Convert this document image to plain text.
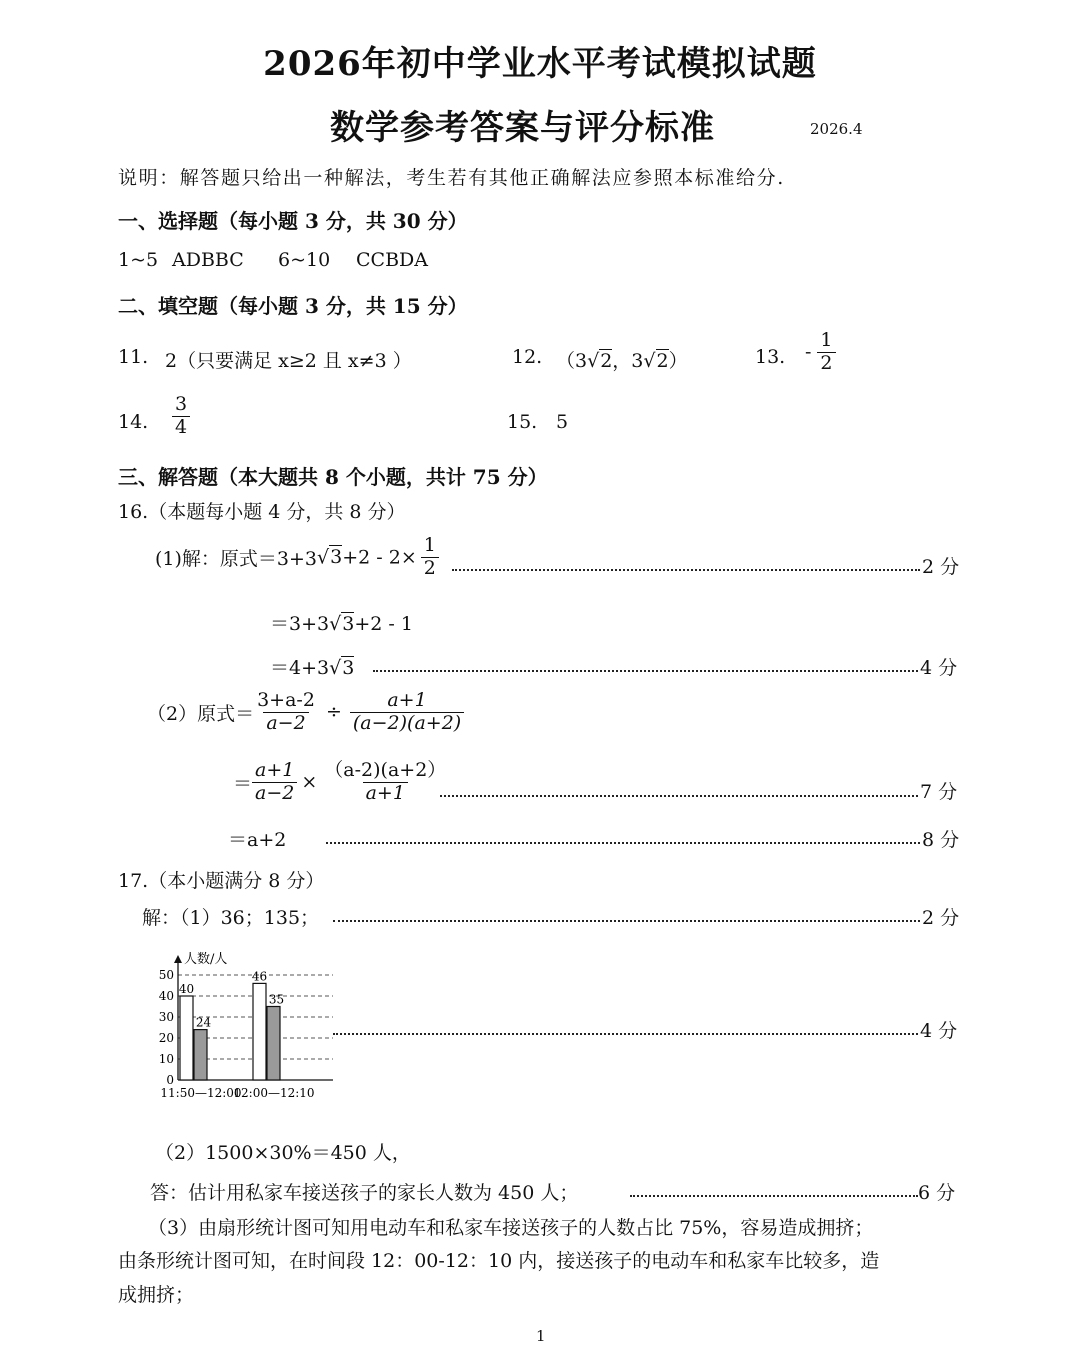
2026年初中学业水平考试模拟试题
数学参考答案与评分标准	2026.4
说明：解答题只给出一种解法，考生若有其他正确解法应参照本标准给分.
一、选择题（每小题 3 分，共 30 分）
1~5 ADBBC 6~10 CCBDA
二、填空题（每小题 3 分，共 15 分）
11. 2（只要满足 x≥2 且 x≠3 ）	12. （3√2，3√2）	13. - $\frac{1}{2}$
14. $\frac{3}{4}$	15. 5
三、解答题（本大题共 8 个小题，共计 75 分）
16.（本题每小题 4 分，共 8 分）
(1)解：原式$=3+3√3+2 - 2\times \frac{1}{2}$	2 分
＝3+3√3+2 - 1
＝4+3√3	4 分
（2）原式＝ $\frac{3+a-2}{a-2} \div \frac{a+1}{(a-2)(a+2)}$
＝ $\frac{a+1}{a-2} \times \frac{(a-2)(a+2)}{a+1}$	7 分
＝a+2	8 分
17.（本小题满分 8 分）
解：（1）36；135；	2 分
0
10
20
30
40
50
人数/人
40
24
11:50—12:00
46
35
12:00—12:10
4 分
（2）1500×30%＝450 人，
答：估计用私家车接送孩子的家长人数为 450 人；	6 分
（3）由扇形统计图可知用电动车和私家车接送孩子的人数占比 75%，容易造成拥挤；
由条形统计图可知，在时间段 12：00-12：10 内，接送孩子的电动车和私家车比较多，造
成拥挤；
1
